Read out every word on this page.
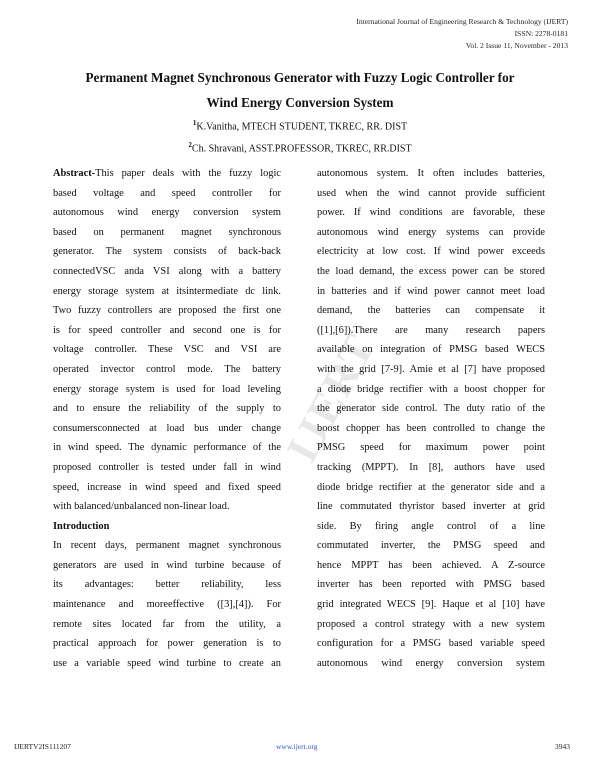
International Journal of Engineering Research & Technology (IJERT)
ISSN: 2278-0181
Vol. 2 Issue 11, November - 2013
Permanent Magnet Synchronous Generator with Fuzzy Logic Controller for
Wind Energy Conversion System
$^1$K.Vanitha, MTECH STUDENT, TKREC, RR. DIST
$^2$Ch. Shravani, ASST.PROFESSOR, TKREC, RR.DIST
IJERT
Abstract-This paper deals with the fuzzy logic
based voltage and speed controller for
autonomous wind energy conversion system
based on permanent magnet synchronous
generator. The system consists of back-back
connectedVSC anda VSI along with a battery
energy storage system at itsintermediate dc link.
Two fuzzy controllers are proposed the first one
is for speed controller and second one is for
voltage controller. These VSC and VSI are
operated invector control mode. The battery
energy storage system is used for load leveling
and to ensure the reliability of the supply to
consumersconnected at load bus under change
in wind speed. The dynamic performance of the
proposed controller is tested under fall in wind
speed, increase in wind speed and fixed speed
with balanced/unbalanced non-linear load.
Introduction
In recent days, permanent magnet synchronous
generators are used in wind turbine because of
its advantages: better reliability, less
maintenance and moreeffective ([3],[4]). For
remote sites located far from the utility, a
practical approach for power generation is to
use a variable speed wind turbine to create an
autonomous system. It often includes batteries,
used when the wind cannot provide sufficient
power. If wind conditions are favorable, these
autonomous wind energy systems can provide
electricity at low cost. If wind power exceeds
the load demand, the excess power can be stored
in batteries and if wind power cannot meet load
demand, the batteries can compensate it
([1],[6]).There are many research papers
available on integration of PMSG based WECS
with the grid [7-9]. Amie et al [7] have proposed
a diode bridge rectifier with a boost chopper for
the generator side control. The duty ratio of the
boost chopper has been controlled to change the
PMSG speed for maximum power point
tracking (MPPT). In [8], authors have used
diode bridge rectifier at the generator side and a
line commutated thyristor based inverter at grid
side. By firing angle control of a line
commutated inverter, the PMSG speed and
hence MPPT has been achieved. A Z-source
inverter has been reported with PMSG based
grid integrated WECS [9]. Haque et al [10] have
proposed a control strategy with a new system
configuration for a PMSG based variable speed
autonomous wind energy conversion system
IJERTV2IS111207	www.ijert.org	3943
